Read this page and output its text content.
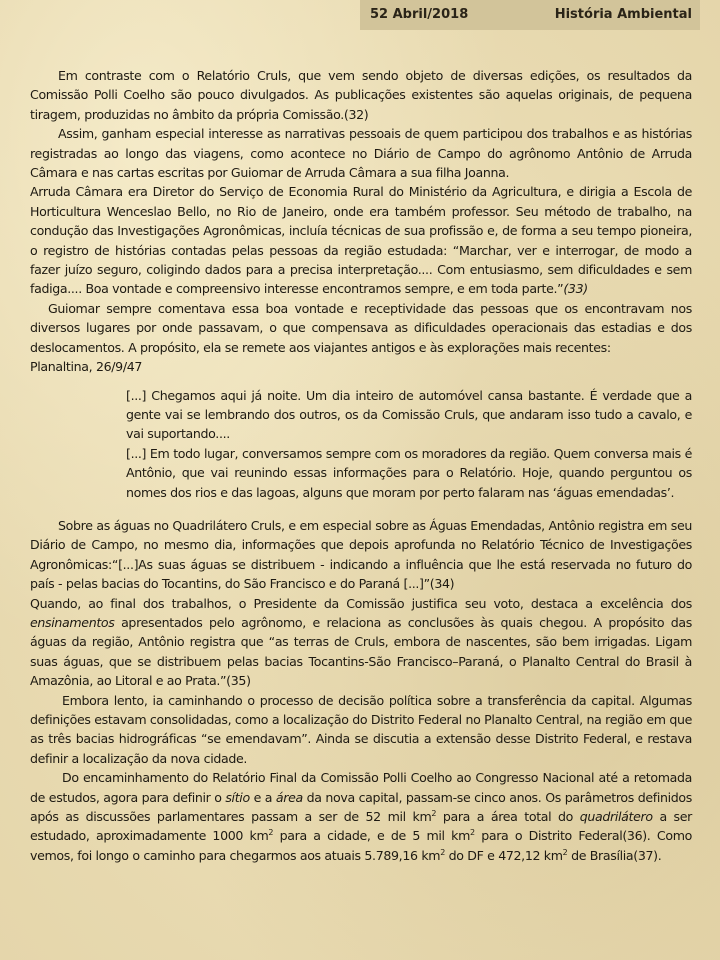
52 Abril/2018	História Ambiental

Em contraste com o Relatório Cruls, que vem sendo objeto de diversas edições, os resultados da Comissão Polli Coelho são pouco divulgados. As publicações existentes são aquelas originais, de pequena tiragem, produzidas no âmbito da própria Comissão.(32)

Assim, ganham especial interesse as narrativas pessoais de quem participou dos trabalhos e as histórias registradas ao longo das viagens, como acontece no Diário de Campo do agrônomo Antônio de Arruda Câmara e nas cartas escritas por Guiomar de Arruda Câmara a sua filha Joanna.

Arruda Câmara era Diretor do Serviço de Economia Rural do Ministério da Agricultura, e dirigia a Escola de Horticultura Wenceslao Bello, no Rio de Janeiro, onde era também professor. Seu método de trabalho, na condução das Investigações Agronômicas, incluía técnicas de sua profissão e, de forma a seu tempo pioneira, o registro de histórias contadas pelas pessoas da região estudada: “Marchar, ver e interrogar, de modo a fazer juízo seguro, coligindo dados para a precisa interpretação.... Com entusiasmo, sem dificuldades e sem fadiga.... Boa vontade e compreensivo interesse encontramos sempre, e em toda parte.”(33)

Guiomar sempre comentava essa boa vontade e receptividade das pessoas que os encontravam nos diversos lugares por onde passavam, o que compensava as dificuldades operacionais das estadias e dos deslocamentos. A propósito, ela se remete aos viajantes antigos e às explorações mais recentes:

Planaltina, 26/9/47

[...] Chegamos aqui já noite. Um dia inteiro de automóvel cansa bastante. É verdade que a gente vai se lembrando dos outros, os da Comissão Cruls, que andaram isso tudo a cavalo, e vai suportando....

[...] Em todo lugar, conversamos sempre com os moradores da região. Quem conversa mais é Antônio, que vai reunindo essas informações para o Relatório. Hoje, quando perguntou os nomes dos rios e das lagoas, alguns que moram por perto falaram nas ‘águas emendadas’.

Sobre as águas no Quadrilátero Cruls, e em especial sobre as Águas Emendadas, Antônio registra em seu Diário de Campo, no mesmo dia, informações que depois aprofunda no Relatório Técnico de Investigações Agronômicas:“[...]As suas águas se distribuem - indicando a influência que lhe está reservada no futuro do país - pelas bacias do Tocantins, do São Francisco e do Paraná [...]”(34)

Quando, ao final dos trabalhos, o Presidente da Comissão justifica seu voto, destaca a excelência dos ensinamentos apresentados pelo agrônomo, e relaciona as conclusões às quais chegou. A propósito das águas da região, Antônio registra que “as terras de Cruls, embora de nascentes, são bem irrigadas. Ligam suas águas, que se distribuem pelas bacias Tocantins-São Francisco–Paraná, o Planalto Central do Brasil à Amazônia, ao Litoral e ao Prata.”(35)

Embora lento, ia caminhando o processo de decisão política sobre a transferência da capital. Algumas definições estavam consolidadas, como a localização do Distrito Federal no Planalto Central, na região em que as três bacias hidrográficas “se emendavam”. Ainda se discutia a extensão desse Distrito Federal, e restava definir a localização da nova cidade.

Do encaminhamento do Relatório Final da Comissão Polli Coelho ao Congresso Nacional até a retomada de estudos, agora para definir o sítio e a área da nova capital, passam-se cinco anos. Os parâmetros definidos após as discussões parlamentares passam a ser de 52 mil $km^2$ para a área total do quadrilátero a ser estudado, aproximadamente 1000 $km^2$ para a cidade, e de 5 mil $km^2$ para o Distrito Federal(36). Como vemos, foi longo o caminho para chegarmos aos atuais 5.789,16 $km^2$ do DF e 472,12 $km^2$ de Brasília(37).
